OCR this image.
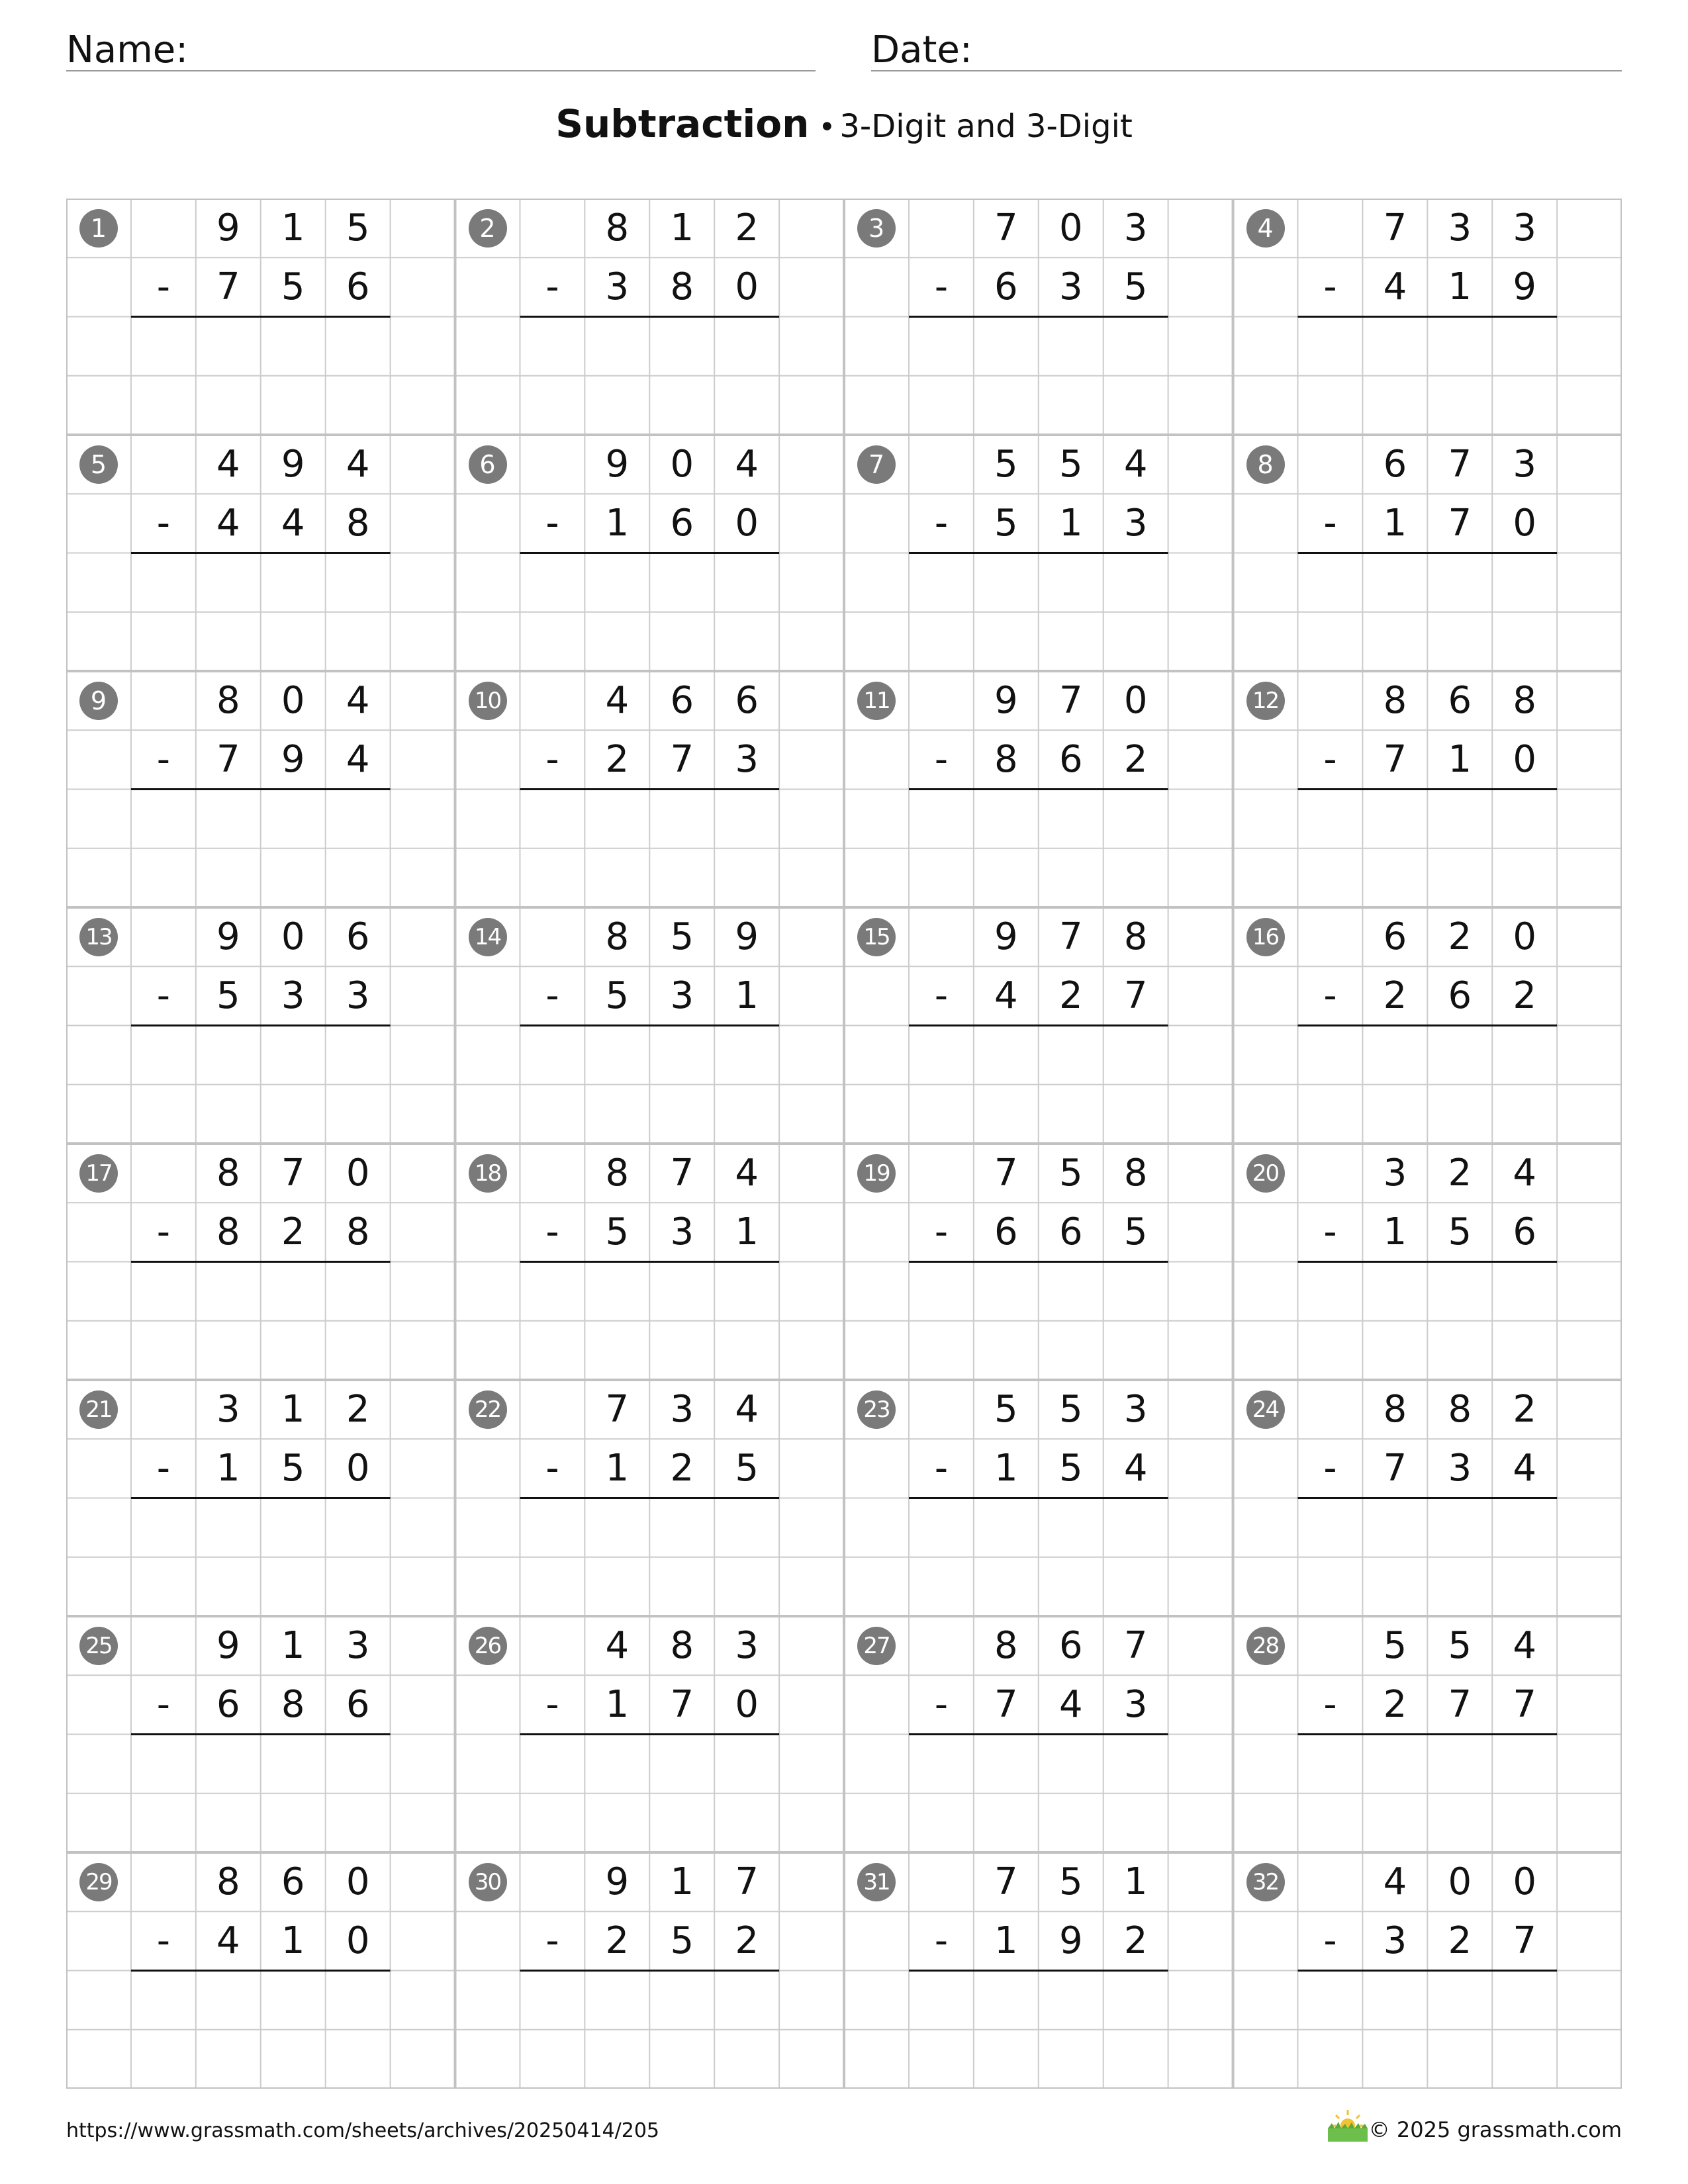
Name:	Date:
Subtraction • 3-Digit and 3-Digit
1	9	1	5
-	7	5	6
2	8	1	2
-	3	8	0
3	7	0	3
-	6	3	5
4	7	3	3
-	4	1	9
5	4	9	4
-	4	4	8
6	9	0	4
-	1	6	0
7	5	5	4
-	5	1	3
8	6	7	3
-	1	7	0
9	8	0	4
-	7	9	4
10	4	6	6
-	2	7	3
11	9	7	0
-	8	6	2
12	8	6	8
-	7	1	0
13	9	0	6
-	5	3	3
14	8	5	9
-	5	3	1
15	9	7	8
-	4	2	7
16	6	2	0
-	2	6	2
17	8	7	0
-	8	2	8
18	8	7	4
-	5	3	1
19	7	5	8
-	6	6	5
20	3	2	4
-	1	5	6
21	3	1	2
-	1	5	0
22	7	3	4
-	1	2	5
23	5	5	3
-	1	5	4
24	8	8	2
-	7	3	4
25	9	1	3
-	6	8	6
26	4	8	3
-	1	7	0
27	8	6	7
-	7	4	3
28	5	5	4
-	2	7	7
29	8	6	0
-	4	1	0
30	9	1	7
-	2	5	2
31	7	5	1
-	1	9	2
32	4	0	0
-	3	2	7
https://www.grassmath.com/sheets/archives/20250414/205	© 2025 grassmath.com
